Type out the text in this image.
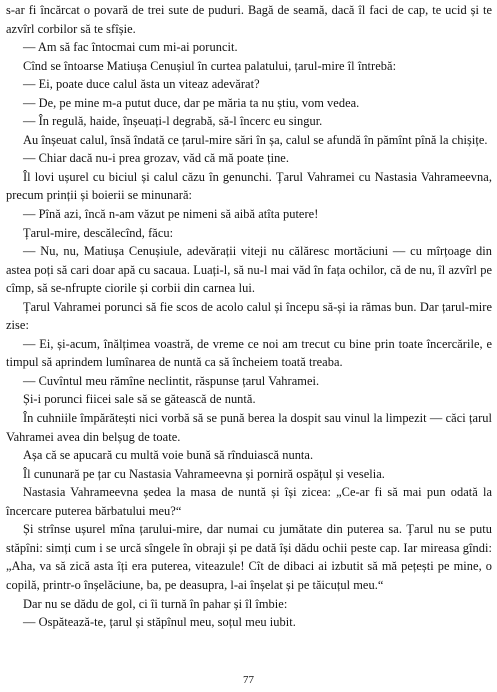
s-ar fi încărcat o povară de trei sute de puduri. Bagă de seamă, dacă îl faci de cap, te ucid și te azvîrl corbilor să te sfîșie.

— Am să fac întocmai cum mi-ai poruncit.

Cînd se întoarse Matiușa Cenușiul în curtea palatului, țarul-mire îl întrebă:

— Ei, poate duce calul ăsta un viteaz adevărat?

— De, pe mine m-a putut duce, dar pe măria ta nu știu, vom vedea.

— În regulă, haide, înșeuați-l degrabă, să-l încerc eu singur.

Au înșeuat calul, însă îndată ce țarul-mire sări în șa, calul se afundă în pămînt pînă la chișițe.

— Chiar dacă nu-i prea grozav, văd că mă poate ține.

Îl lovi ușurel cu biciul și calul căzu în genunchi. Țarul Vahramei cu Nastasia Vahrameevna, precum prinții și boierii se minunară:

— Pînă azi, încă n-am văzut pe nimeni să aibă atîta putere!

Țarul-mire, descălecînd, făcu:

— Nu, nu, Matiușa Cenușiule, adevărații viteji nu călăresc mortăciuni — cu mîrțoage din astea poți să cari doar apă cu sacaua. Luați-l, să nu-l mai văd în fața ochilor, că de nu, îl azvîrl pe cîmp, să se-nfrupte ciorile și corbii din carnea lui.

Țarul Vahramei porunci să fie scos de acolo calul și începu să-și ia rămas bun. Dar țarul-mire zise:

— Ei, și-acum, înălțimea voastră, de vreme ce noi am trecut cu bine prin toate încercările, e timpul să aprindem lumînarea de nuntă ca să încheiem toată treaba.

— Cuvîntul meu rămîne neclintit, răspunse țarul Vahramei.

Și-i porunci fiicei sale să se gătească de nuntă.

În cuhniile împărătești nici vorbă să se pună berea la dospit sau vinul la limpezit — căci țarul Vahramei avea din belșug de toate.

Așa că se apucară cu multă voie bună să rînduiască nunta.

Îl cununară pe țar cu Nastasia Vahrameevna și porniră ospățul și veselia.

Nastasia Vahrameevna ședea la masa de nuntă și își zicea: „Ce-ar fi să mai pun odată la încercare puterea bărbatului meu?“

Și strînse ușurel mîna țarului-mire, dar numai cu jumătate din puterea sa. Țarul nu se putu stăpîni: simți cum i se urcă sîngele în obraji și pe dată își dădu ochii peste cap. Iar mireasa gîndi: „Aha, va să zică asta îți era puterea, viteazule! Cît de dibaci ai izbutit să mă pețești pe mine, o copilă, printr-o înșelăciune, ba, pe deasupra, l-ai înșelat și pe tăicuțul meu.“

Dar nu se dădu de gol, ci îi turnă în pahar și îl îmbie:

— Ospătează-te, țarul și stăpînul meu, soțul meu iubit.

77
